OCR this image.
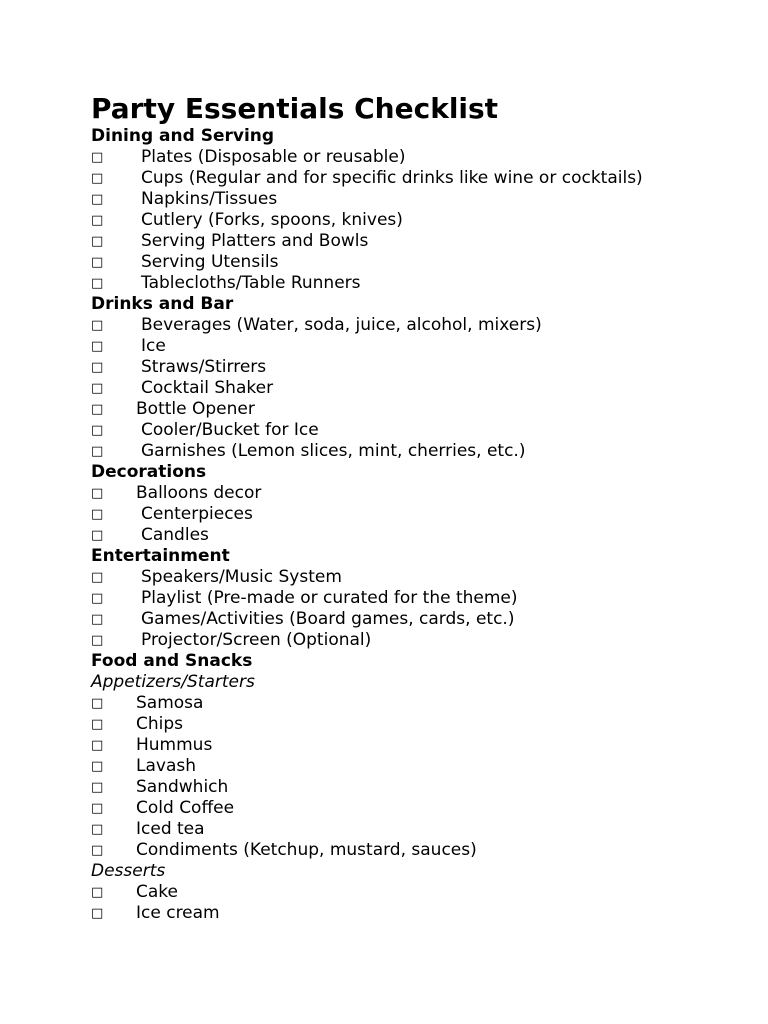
Party Essentials Checklist
Dining and Serving
□ Plates (Disposable or reusable)
□ Cups (Regular and for specific drinks like wine or cocktails)
□ Napkins/Tissues
□ Cutlery (Forks, spoons, knives)
□ Serving Platters and Bowls
□ Serving Utensils
□ Tablecloths/Table Runners
Drinks and Bar
□ Beverages (Water, soda, juice, alcohol, mixers)
□ Ice
□ Straws/Stirrers
□ Cocktail Shaker
□ Bottle Opener
□ Cooler/Bucket for Ice
□ Garnishes (Lemon slices, mint, cherries, etc.)
Decorations
□ Balloons decor
□ Centerpieces
□ Candles
Entertainment
□ Speakers/Music System
□ Playlist (Pre-made or curated for the theme)
□ Games/Activities (Board games, cards, etc.)
□ Projector/Screen (Optional)
Food and Snacks
Appetizers/Starters
□ Samosa
□ Chips
□ Hummus
□ Lavash
□ Sandwhich
□ Cold Coffee
□ Iced tea
□ Condiments (Ketchup, mustard, sauces)
Desserts
□ Cake
□ Ice cream
